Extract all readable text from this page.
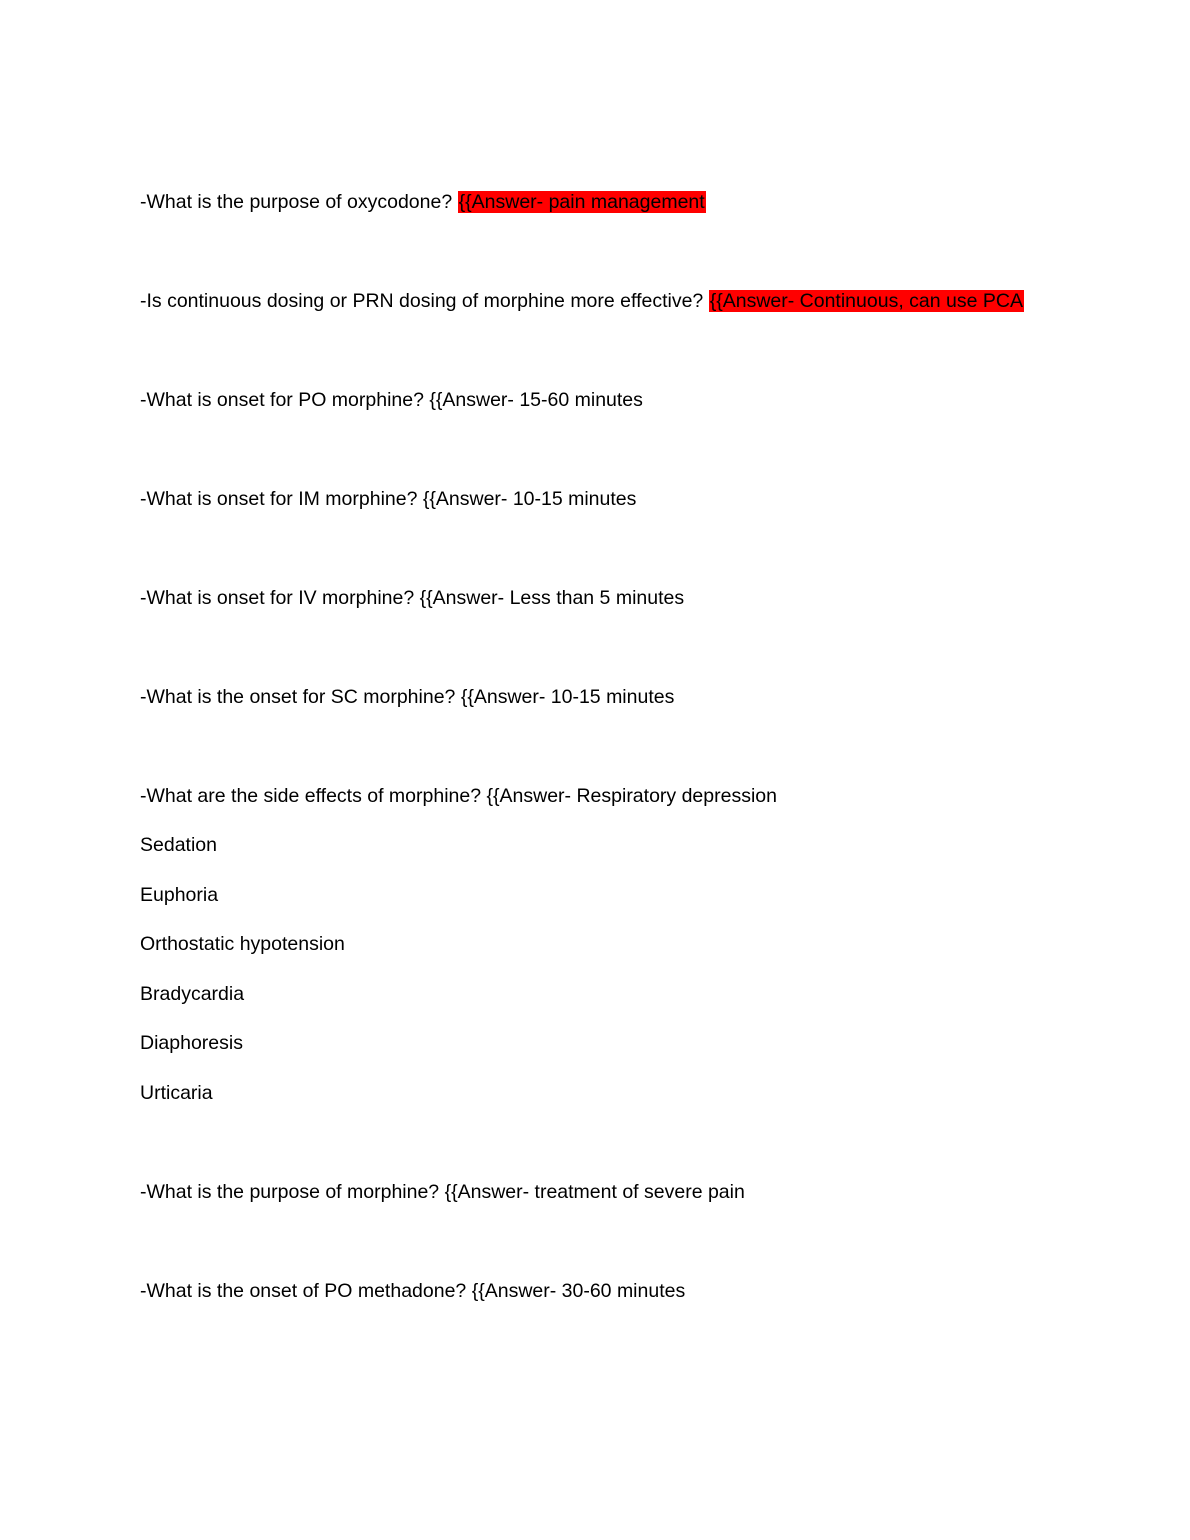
-What is the purpose of oxycodone? {{Answer- pain management
-Is continuous dosing or PRN dosing of morphine more effective? {{Answer- Continuous, can use PCA
-What is onset for PO morphine? {{Answer- 15-60 minutes
-What is onset for IM morphine? {{Answer- 10-15 minutes
-What is onset for IV morphine? {{Answer- Less than 5 minutes
-What is the onset for SC morphine? {{Answer- 10-15 minutes
-What are the side effects of morphine? {{Answer- Respiratory depression
Sedation
Euphoria
Orthostatic hypotension
Bradycardia
Diaphoresis
Urticaria
-What is the purpose of morphine? {{Answer- treatment of severe pain
-What is the onset of PO methadone? {{Answer- 30-60 minutes
